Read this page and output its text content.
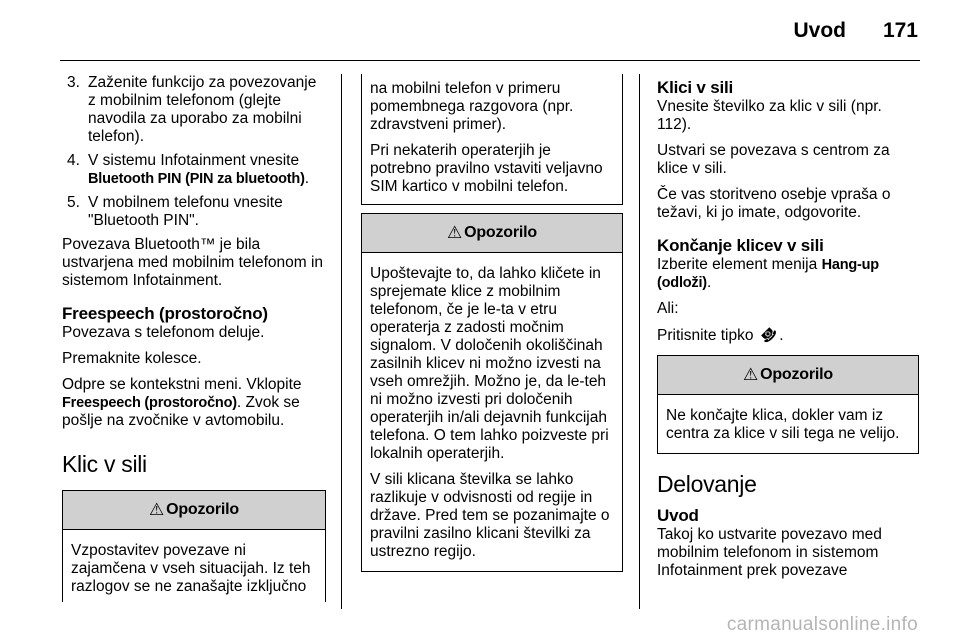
Uvod	171
3. Zaženite funkcijo za povezovanje z mobilnim telefonom (glejte navodila za uporabo za mobilni telefon).
4. V sistemu Infotainment vnesite Bluetooth PIN (PIN za bluetooth).
5. V mobilnem telefonu vnesite "Bluetooth PIN".

Povezava Bluetooth™ je bila ustvarjena med mobilnim telefonom in sistemom Infotainment.

Freespeech (prostoročno)

Povezava s telefonom deluje.

Premaknite kolesce.

Odpre se kontekstni meni. Vklopite Freespeech (prostoročno). Zvok se pošlje na zvočnike v avtomobilu.

Klic v sili
⚠ Opozorilo

Vzpostavitev povezave ni zajamčena v vseh situacijah. Iz teh razlogov se ne zanašajte izključno

na mobilni telefon v primeru pomembnega razgovora (npr. zdravstveni primer).

Pri nekaterih operaterjih je potrebno pravilno vstaviti veljavno SIM kartico v mobilni telefon.

⚠ Opozorilo

Upoštevajte to, da lahko kličete in sprejemate klice z mobilnim telefonom, če je le-ta v etru operaterja z zadosti močnim signalom. V določenih okoliščinah zasilnih klicev ni možno izvesti na vseh omrežjih. Možno je, da le-teh ni možno izvesti pri določenih operaterjih in/ali dejavnih funkcijah telefona. O tem lahko poizveste pri lokalnih operaterjih.

V sili klicana številka se lahko razlikuje v odvisnosti od regije in države. Pred tem se pozanimajte o pravilni zasilno klicani številki za ustrezno regijo.

Klici v sili

Vnesite številko za klic v sili (npr. 112).

Ustvari se povezava s centrom za klice v sili.

Če vas storitveno osebje vpraša o težavi, ki jo imate, odgovorite.

Končanje klicev v sili

Izberite element menija Hang-up (odloži).

Ali:

Pritisnite tipko ☎.

⚠ Opozorilo

Ne končajte klica, dokler vam iz centra za klice v sili tega ne velijo.

Delovanje
Uvod

Takoj ko ustvarite povezavo med mobilnim telefonom in sistemom Infotainment prek povezave

carmanualsonline.info
